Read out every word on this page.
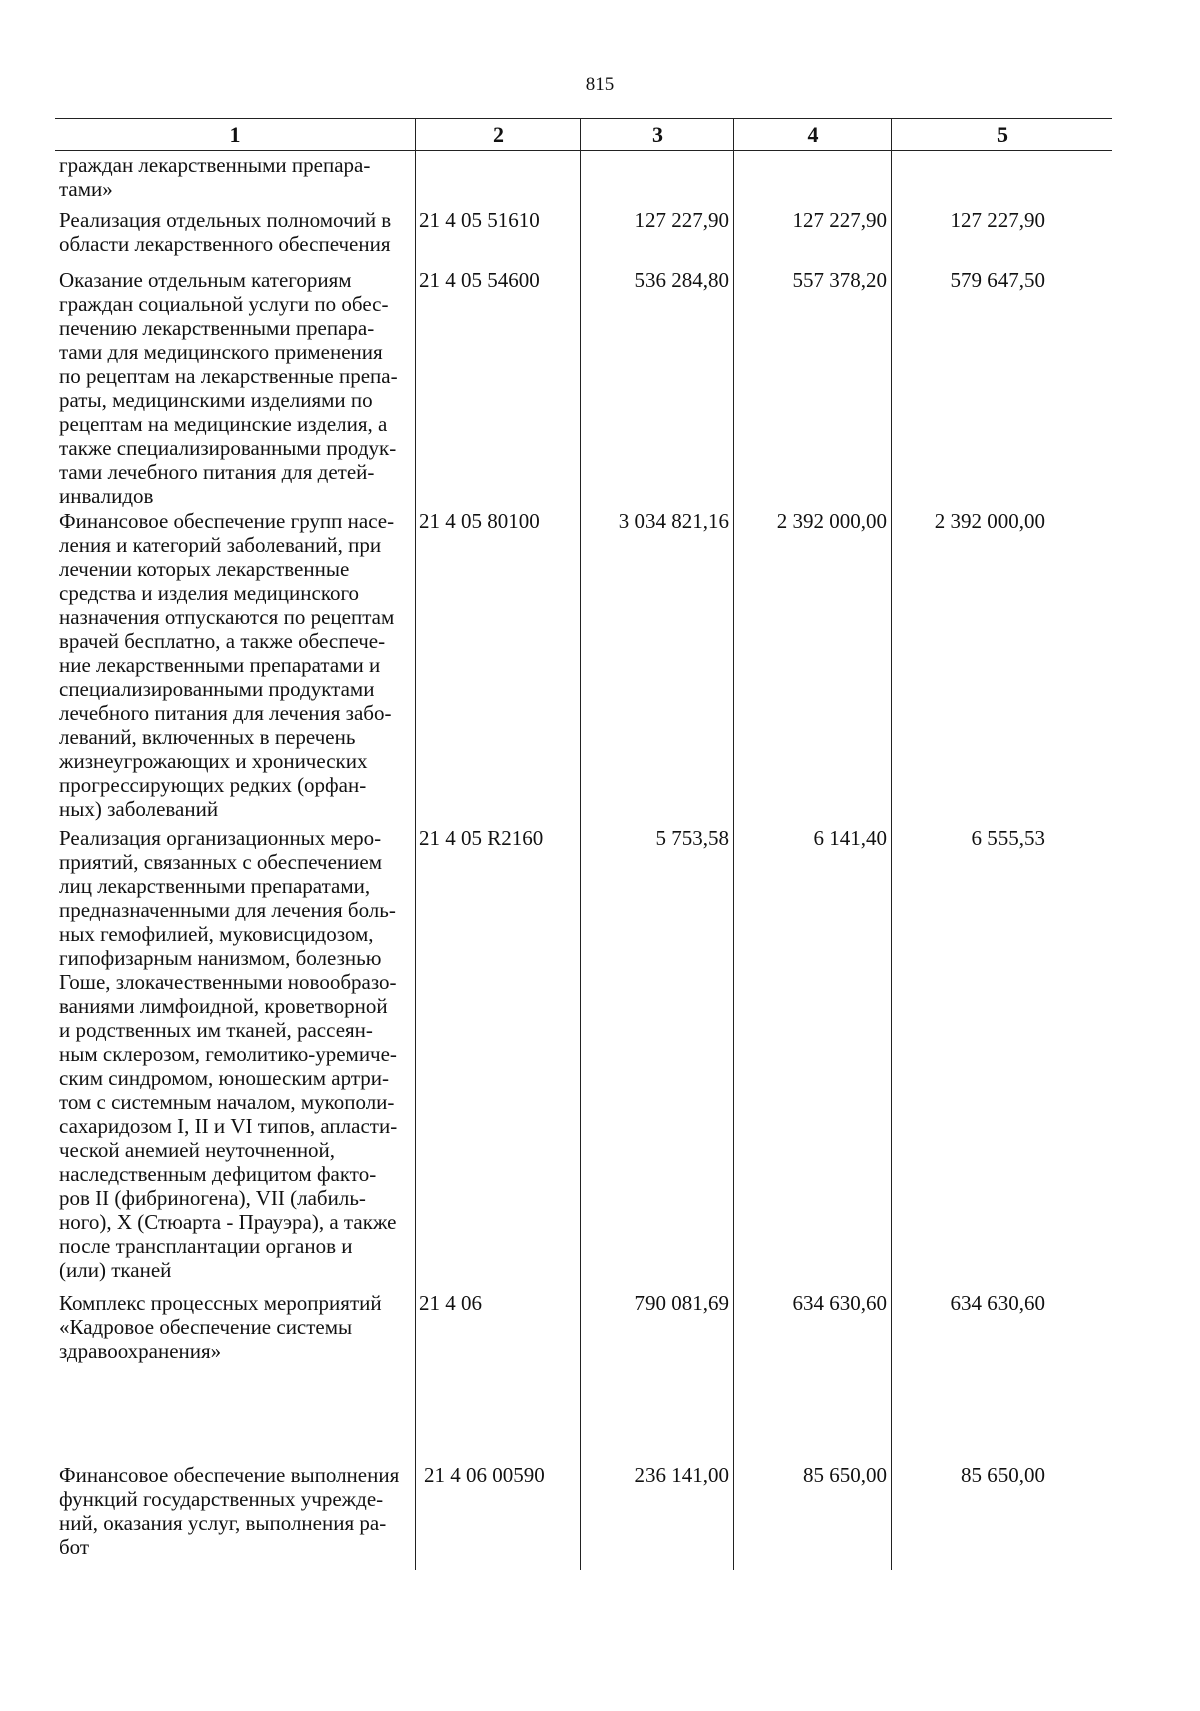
815
1	2	3	4	5
граждан лекарственными препара-
тами»
Реализация отдельных полномочий в
области лекарственного обеспечения
21 4 05 51610	127 227,90	127 227,90	127 227,90
Оказание отдельным категориям
граждан социальной услуги по обес-
печению лекарственными препара-
тами для медицинского применения
по рецептам на лекарственные препа-
раты, медицинскими изделиями по
рецептам на медицинские изделия, а
также специализированными продук-
тами лечебного питания для детей-
инвалидов
21 4 05 54600	536 284,80	557 378,20	579 647,50
Финансовое обеспечение групп насе-
ления и категорий заболеваний, при
лечении которых лекарственные
средства и изделия медицинского
назначения отпускаются по рецептам
врачей бесплатно, а также обеспече-
ние лекарственными препаратами и
специализированными продуктами
лечебного питания для лечения забо-
леваний, включенных в перечень
жизнеугрожающих и хронических
прогрессирующих редких (орфан-
ных) заболеваний
21 4 05 80100	3 034 821,16	2 392 000,00	2 392 000,00
Реализация организационных меро-
приятий, связанных с обеспечением
лиц лекарственными препаратами,
предназначенными для лечения боль-
ных гемофилией, муковисцидозом,
гипофизарным нанизмом, болезнью
Гоше, злокачественными новообразо-
ваниями лимфоидной, кроветворной
и родственных им тканей, рассеян-
ным склерозом, гемолитико-уремиче-
ским синдромом, юношеским артри-
том с системным началом, мукополи-
сахаридозом I, II и VI типов, апласти-
ческой анемией неуточненной,
наследственным дефицитом факто-
ров II (фибриногена), VII (лабиль-
ного), X (Стюарта - Прауэра), а также
после трансплантации органов и
(или) тканей
21 4 05 R2160	5 753,58	6 141,40	6 555,53
Комплекс процессных мероприятий
«Кадровое обеспечение системы
здравоохранения»
21 4 06	790 081,69	634 630,60	634 630,60
Финансовое обеспечение выполнения
функций государственных учрежде-
ний, оказания услуг, выполнения ра-
бот
21 4 06 00590	236 141,00	85 650,00	85 650,00
